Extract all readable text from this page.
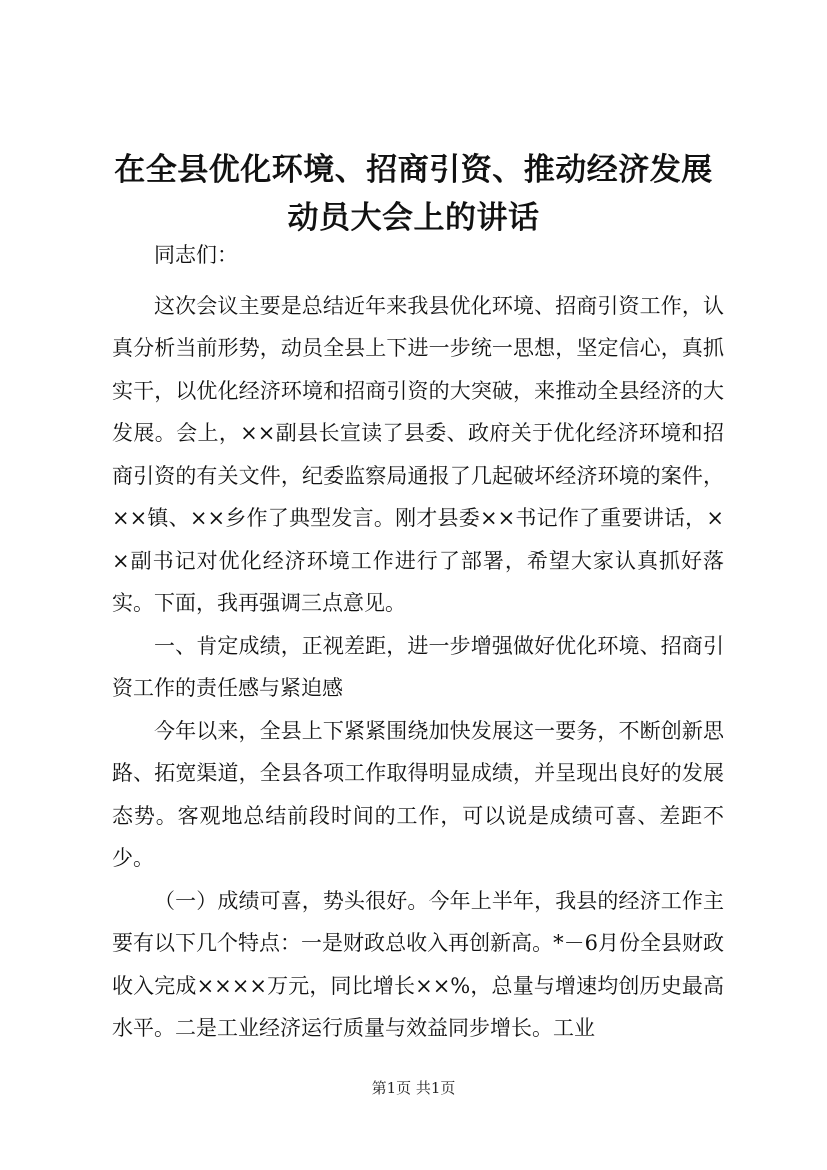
在全县优化环境、招商引资、推动经济发展动员大会上的讲话

同志们：

这次会议主要是总结近年来我县优化环境、招商引资工作，认真分析当前形势，动员全县上下进一步统一思想，坚定信心，真抓实干，以优化经济环境和招商引资的大突破，来推动全县经济的大发展。会上，××副县长宣读了县委、政府关于优化经济环境和招商引资的有关文件，纪委监察局通报了几起破坏经济环境的案件，××镇、××乡作了典型发言。刚才县委××书记作了重要讲话，××副书记对优化经济环境工作进行了部署，希望大家认真抓好落实。下面，我再强调三点意见。

一、肯定成绩，正视差距，进一步增强做好优化环境、招商引资工作的责任感与紧迫感

今年以来，全县上下紧紧围绕加快发展这一要务，不断创新思路、拓宽渠道，全县各项工作取得明显成绩，并呈现出良好的发展态势。客观地总结前段时间的工作，可以说是成绩可喜、差距不少。

（一）成绩可喜，势头很好。今年上半年，我县的经济工作主要有以下几个特点：一是财政总收入再创新高。*－6月份全县财政收入完成××××万元，同比增长××%，总量与增速均创历史最高水平。二是工业经济运行质量与效益同步增长。工业

第1页 共1页
